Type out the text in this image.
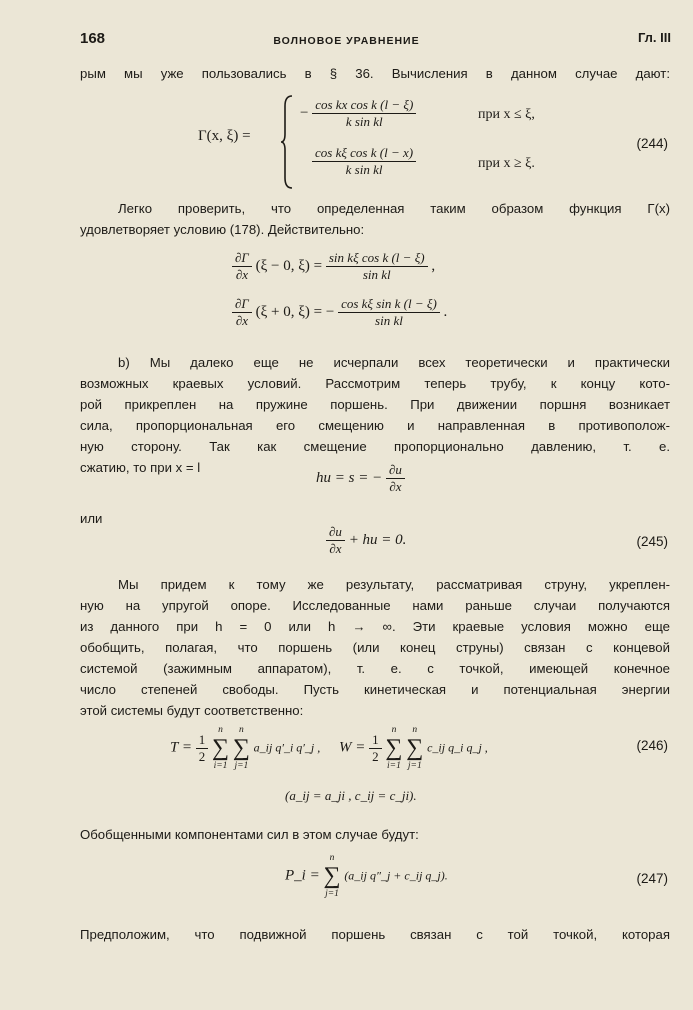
168	ВОЛНОВОЕ УРАВНЕНИЕ	Гл. III
рым мы уже пользовались в § 36. Вычисления в данном случае дают:
Γ(x, ξ) =
− $\frac{\text{cos kx cos k (l − ξ)}}{\text{k sin kl}}$	при x ≤ ξ,
$\frac{\text{cos kξ cos k (l − x)}}{\text{k sin kl}}$	при x ≥ ξ.
(244)
Легко проверить, что определенная таким образом функция Γ(x)
удовлетворяет условию (178). Действительно:
$\frac{\partial\Gamma}{\partial x} (\xi - 0$, $\xi) = \frac{\text{sin kξ cos k (l − ξ)}}{\text{sin kl}}$ ,
$\frac{\partial\Gamma}{\partial x} (\xi + 0$, ξ) = − $\frac{\text{cos kξ sin k (l − ξ)}}{\text{sin kl}}$ .
b) Мы далеко еще не исчерпали всех теоретически и практически
возможных краевых условий. Рассмотрим теперь трубу, к концу кото-
рой прикреплен на пружине поршень. При движении поршня возникает
сила, пропорциональная его смещению и направленная в противополож-
ную сторону. Так как смещение пропорционально давлению, т. е.
сжатию, то при x = l
hu = s = − $\frac{\partial u}{\partial x}$
или
$\frac{\partial u}{\partial x}$ + hu = 0.	(245)
Мы придем к тому же результату, рассматривая струну, укреплен-
ную на упругой опоре. Исследованные нами раньше случаи получаются
из данного при h = 0 или h → ∞. Эти краевые условия можно еще
обобщить, полагая, что поршень (или конец струны) связан с концевой
системой (зажимным аппаратом), т. е. с точкой, имеющей конечное
число степеней свободы. Пусть кинетическая и потенциальная энергии
этой системы будут соответственно:
$T = \frac{1}{2}$

n
∑
i=1

n
∑
j=1
a_ij q′_i q′_j , $W = \frac{1}{2}$

n
∑
i=1

n
∑
j=1
c_ij q_i q_j ,	(246)
(a_ij = a_ji , c_ij = c_ji).
Обобщенными компонентами сил в этом случае будут:
P_i =
n
∑
j=1
(a_ij q″_j + c_ij q_j).	(247)
Предположим, что подвижной поршень связан с той точкой, которая
